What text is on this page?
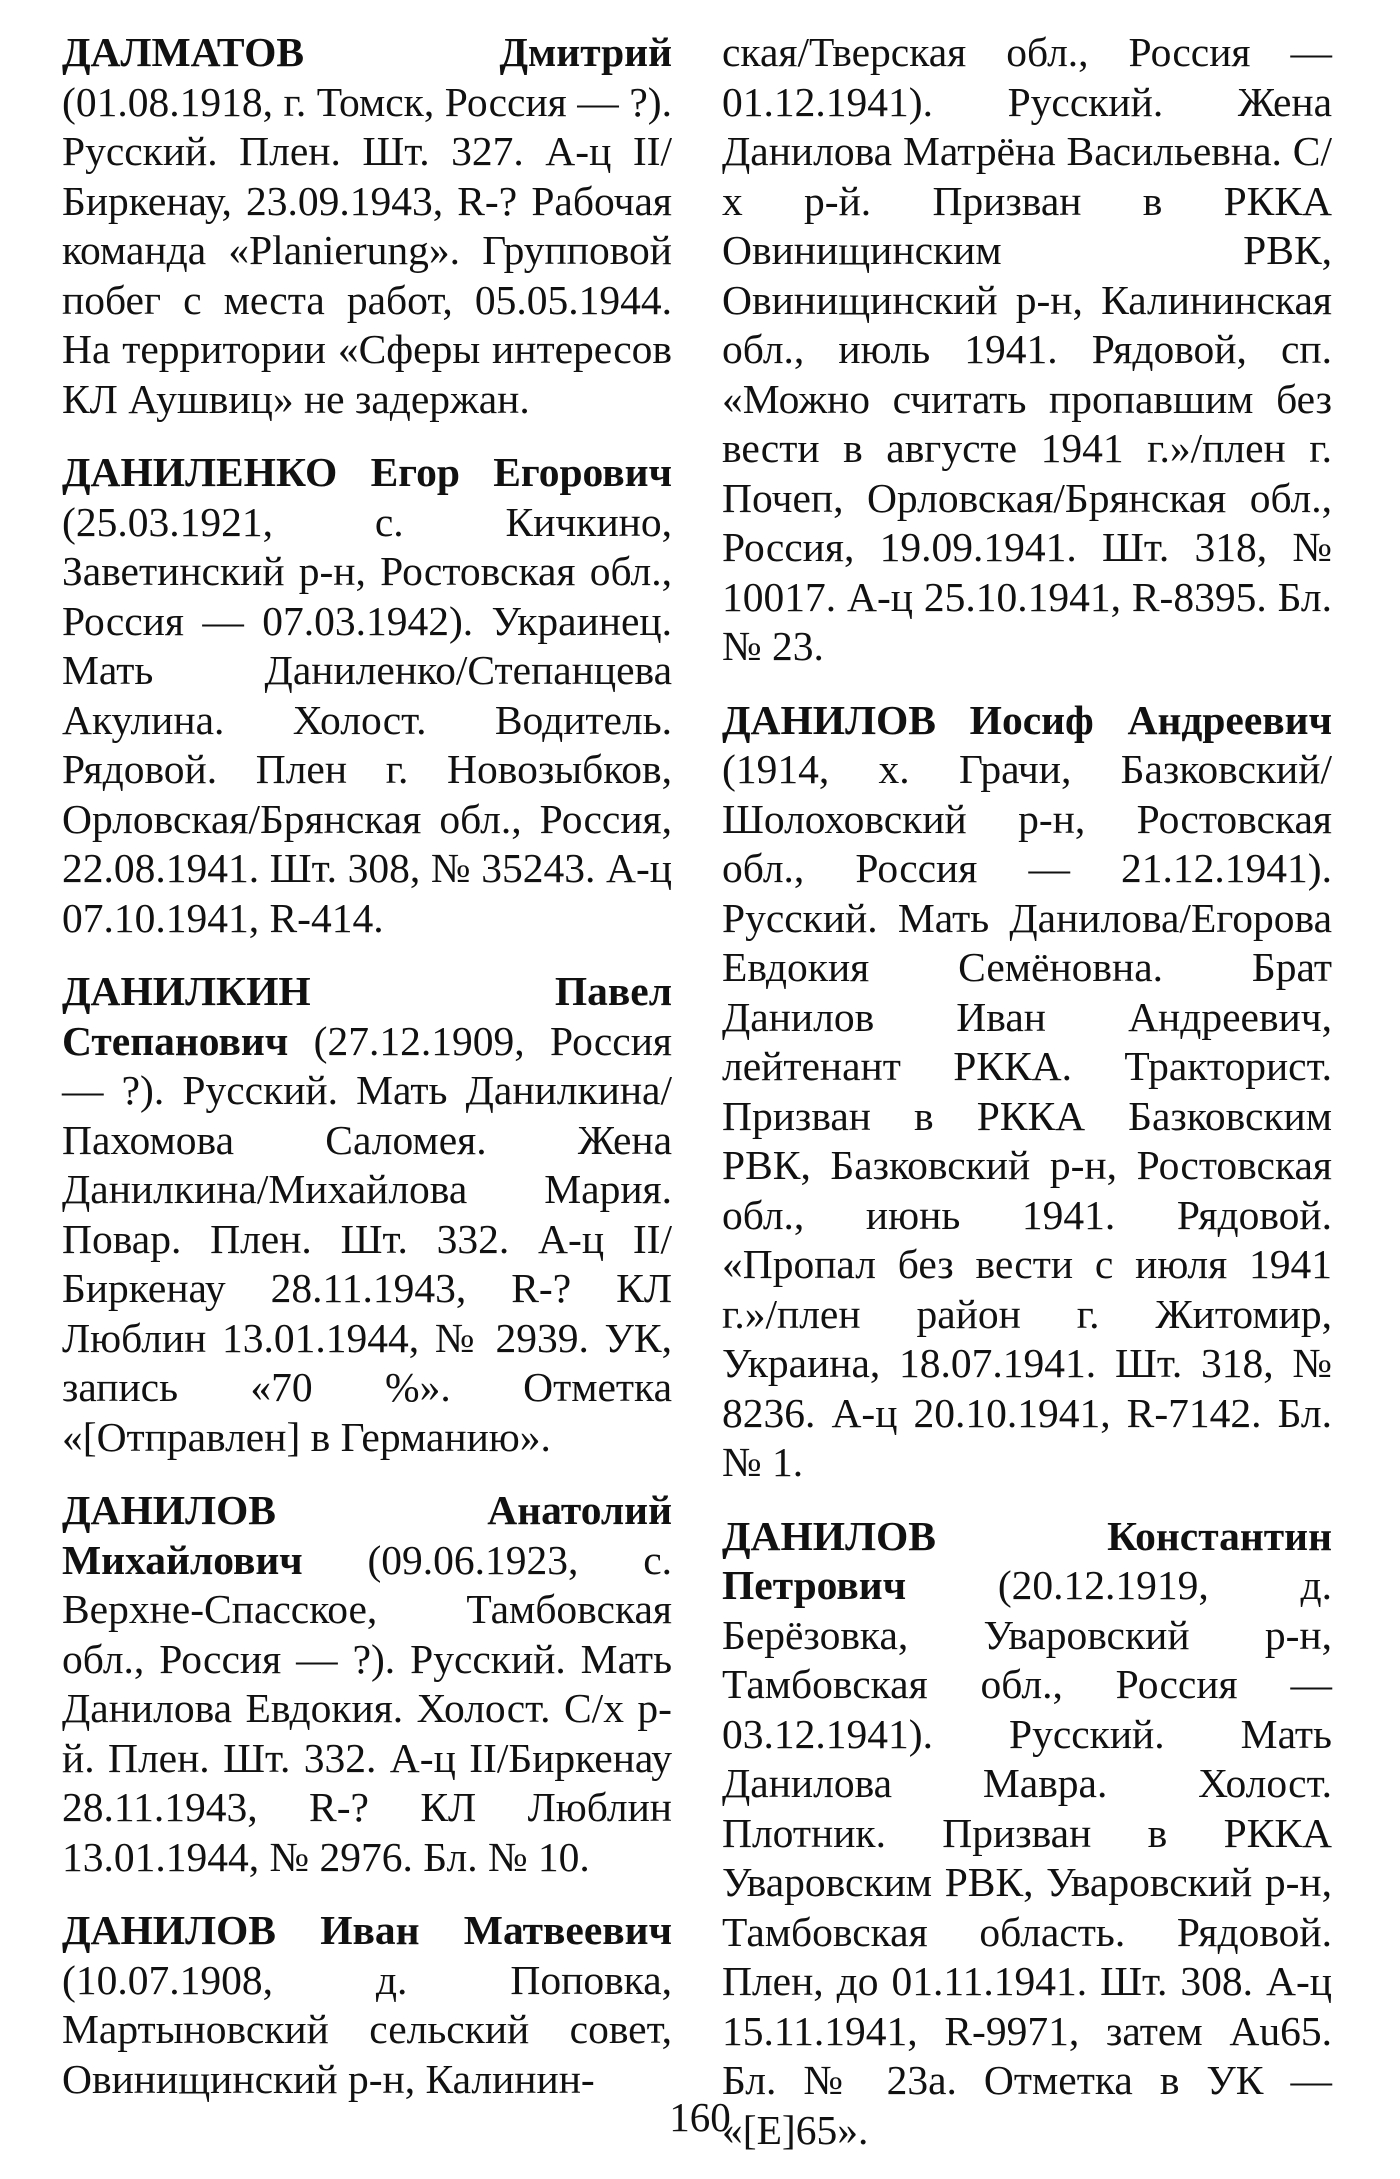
ДАЛМАТОВ Дмитрий (01.08.1918, г. Томск, Россия — ?). Русский. Плен. Шт. 327. А-ц II/Биркенау, 23.09.1943, R-? Рабочая команда «Planierung». Групповой побег с места работ, 05.05.1944. На территории «Сферы интересов КЛ Аушвиц» не задержан.

ДАНИЛЕНКО Егор Егорович (25.03.1921, с. Кичкино, Заветинский р-н, Ростовская обл., Россия — 07.03.1942). Украинец. Мать Даниленко/Степанцева Акулина. Холост. Водитель. Рядовой. Плен г. Новозыбков, Орловская/Брянская обл., Россия, 22.08.1941. Шт. 308, № 35243. А-ц 07.10.1941, R-414.

ДАНИЛКИН Павел Степанович (27.12.1909, Россия — ?). Русский. Мать Данилкина/Пахомова Саломея. Жена Данилкина/Михайлова Мария. Повар. Плен. Шт. 332. А-ц II/Биркенау 28.11.1943, R-? КЛ Люблин 13.01.1944, № 2939. УК, запись «70 %». Отметка «[Отправлен] в Германию».

ДАНИЛОВ Анатолий Михайлович (09.06.1923, с. Верхне-Спасское, Тамбовская обл., Россия — ?). Русский. Мать Данилова Евдокия. Холост. С/х р-й. Плен. Шт. 332. А-ц II/Биркенау 28.11.1943, R-? КЛ Люблин 13.01.1944, № 2976. Бл. № 10.

ДАНИЛОВ Иван Матвеевич (10.07.1908, д. Поповка, Мартыновский сельский совет, Овинищинский р-н, Калинин-

ская/Тверская обл., Россия — 01.12.1941). Русский. Жена Данилова Матрёна Васильевна. С/х р-й. Призван в РККА Овинищинским РВК, Овинищинский р-н, Калининская обл., июль 1941. Рядовой, сп. «Можно считать пропавшим без вести в августе 1941 г.»/плен г. Почеп, Орловская/Брянская обл., Россия, 19.09.1941. Шт. 318, № 10017. А-ц 25.10.1941, R-8395. Бл. № 23.

ДАНИЛОВ Иосиф Андреевич (1914, х. Грачи, Базковский/Шолоховский р-н, Ростовская обл., Россия — 21.12.1941). Русский. Мать Данилова/Егорова Евдокия Семёновна. Брат Данилов Иван Андреевич, лейтенант РККА. Тракторист. Призван в РККА Базковским РВК, Базковский р-н, Ростовская обл., июнь 1941. Рядовой. «Пропал без вести с июля 1941 г.»/плен район г. Житомир, Украина, 18.07.1941. Шт. 318, № 8236. А-ц 20.10.1941, R-7142. Бл. № 1.

ДАНИЛОВ Константин Петрович (20.12.1919, д. Берёзовка, Уваровский р-н, Тамбовская обл., Россия — 03.12.1941). Русский. Мать Данилова Мавра. Холост. Плотник. Призван в РККА Уваровским РВК, Уваровский р-н, Тамбовская область. Рядовой. Плен, до 01.11.1941. Шт. 308. А-ц 15.11.1941, R-9971, затем Au65. Бл. № 23а. Отметка в УК — «[E]65».

160
